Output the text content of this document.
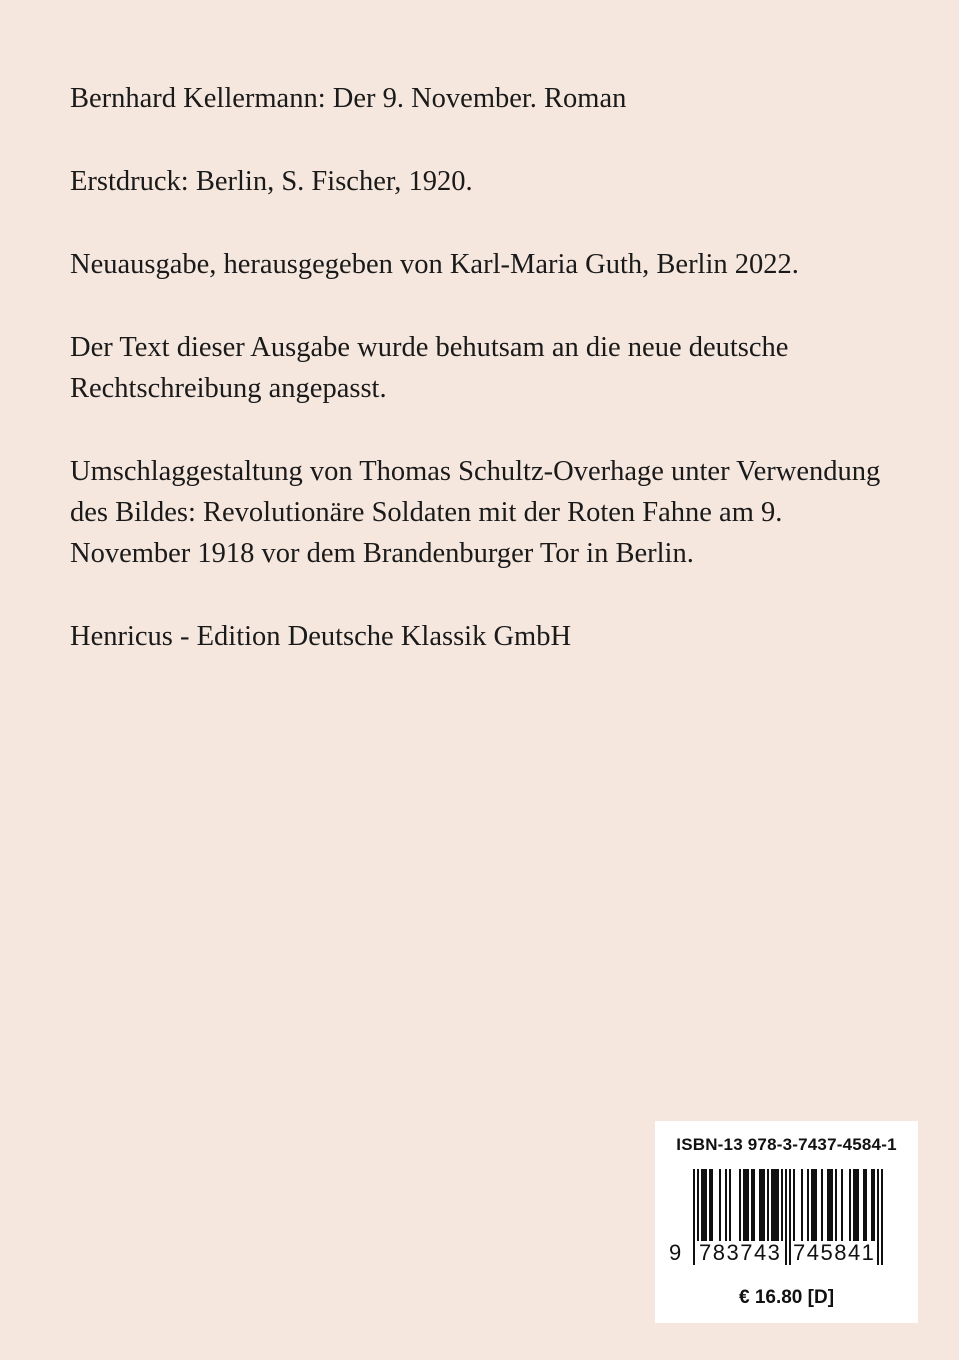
Bernhard Kellermann: Der 9. November. Roman

Erstdruck: Berlin, S. Fischer, 1920.

Neuausgabe, herausgegeben von Karl-Maria Guth, Berlin 2022.

Der Text dieser Ausgabe wurde behutsam an die neue deutsche Rechtschreibung angepasst.

Umschlaggestaltung von Thomas Schultz-Overhage unter Verwendung des Bildes: Revolutionäre Soldaten mit der Roten Fahne am 9. November 1918 vor dem Brandenburger Tor in Berlin.

Henricus - Edition Deutsche Klassik GmbH

ISBN-13 978-3-7437-4584-1
9 783743 745841
€ 16.80 [D]
